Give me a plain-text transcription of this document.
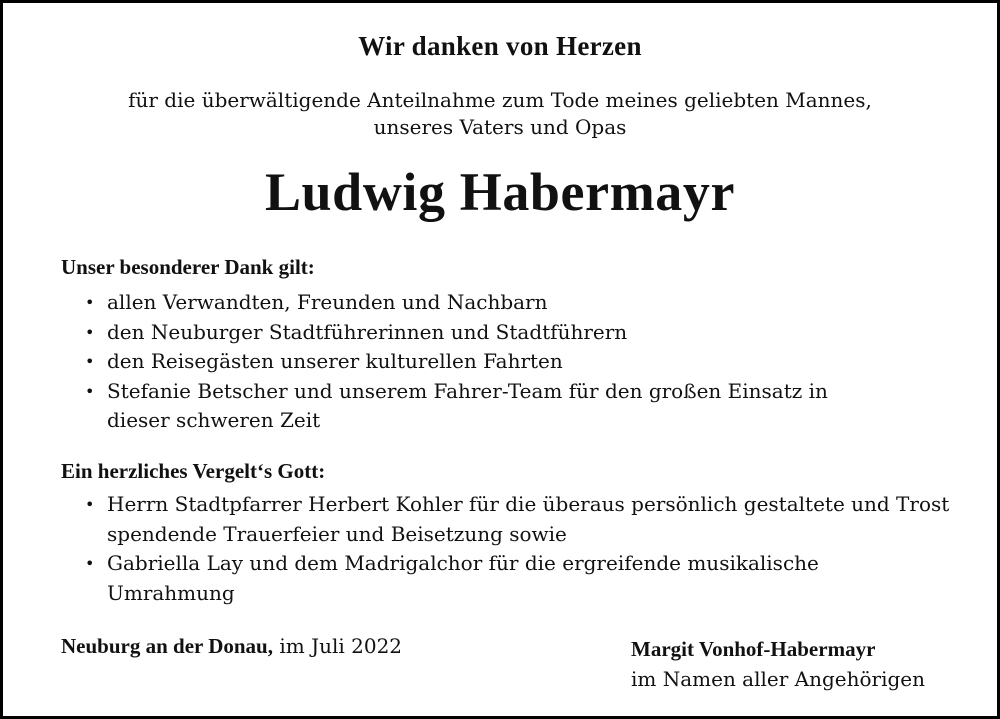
Wir danken von Herzen
für die überwältigende Anteilnahme zum Tode meines geliebten Mannes,
unseres Vaters und Opas
Ludwig Habermayr
Unser besonderer Dank gilt:
• allen Verwandten, Freunden und Nachbarn
• den Neuburger Stadtführerinnen und Stadtführern
• den Reisegästen unserer kulturellen Fahrten
• Stefanie Betscher und unserem Fahrer-Team für den großen Einsatz in dieser schweren Zeit
Ein herzliches Vergelt‘s Gott:
• Herrn Stadtpfarrer Herbert Kohler für die überaus persönlich gestaltete und Trost spendende Trauerfeier und Beisetzung sowie
• Gabriella Lay und dem Madrigalchor für die ergreifende musikalische Umrahmung
Neuburg an der Donau, im Juli 2022	Margit Vonhof-Habermayr
im Namen aller Angehörigen
